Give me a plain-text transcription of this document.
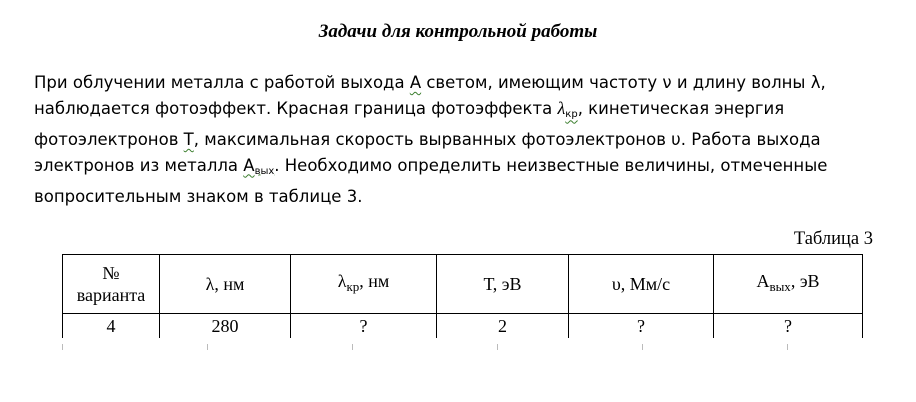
Задачи для контрольной работы
При облучении металла с работой выхода А светом, имеющим частоту ν и длину волны λ,
наблюдается фотоэффект. Красная граница фотоэффекта $\lambda_{кр}$, кинетическая энергия
фотоэлектронов Т, максимальная скорость вырванных фотоэлектронов υ. Работа выхода
электронов из металла $А_{вых}$. Необходимо определить неизвестные величины, отмеченные
вопросительным знаком в таблице 3.
Таблица 3
№
варианта	λ, нм	$\lambda_{кр}$, нм	Т, эВ	υ, Мм/с	$А_{вых}$, эВ
4	280	?	2	?	?
